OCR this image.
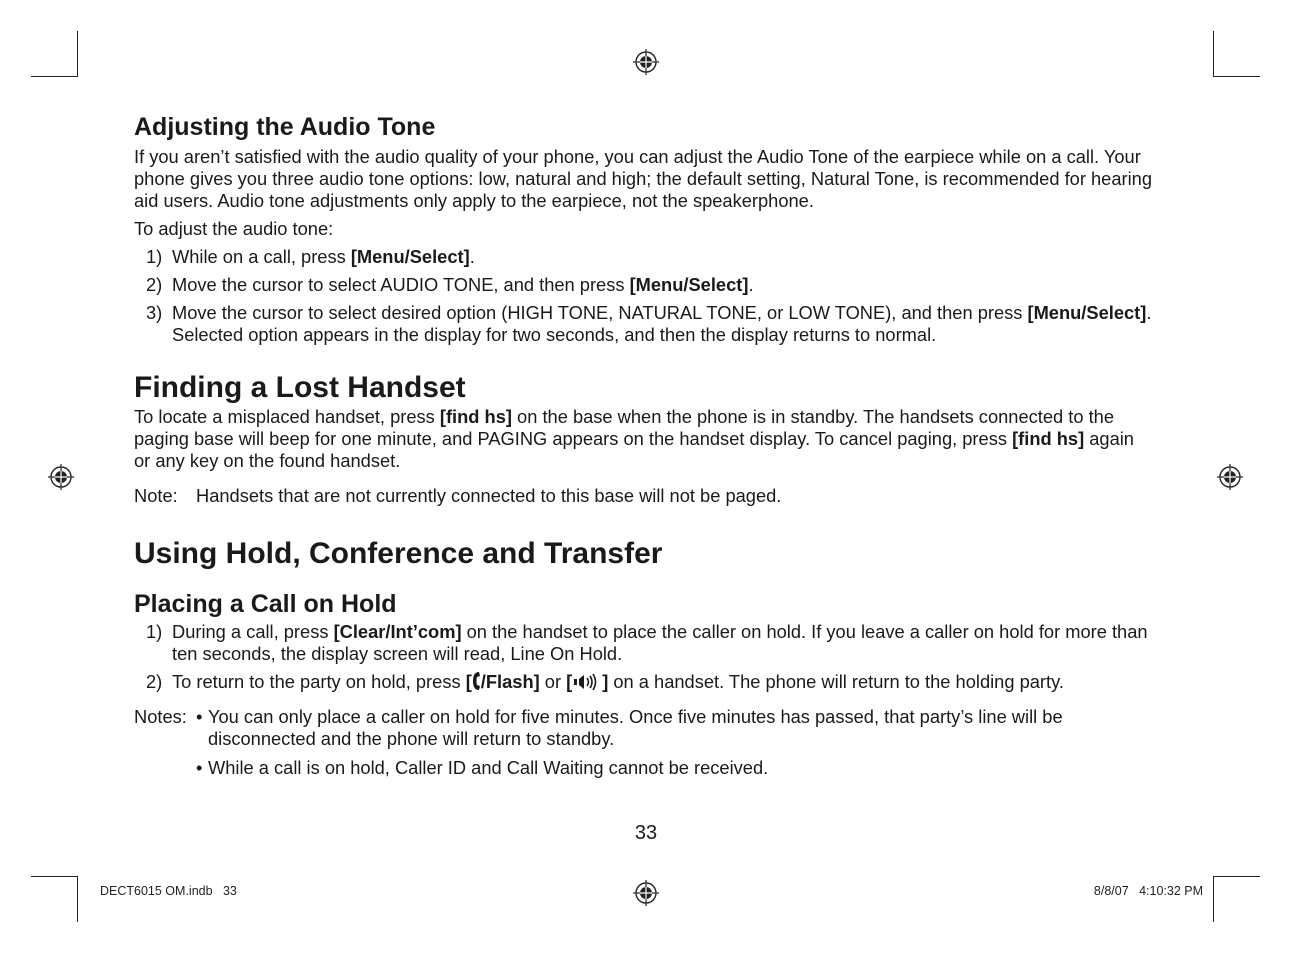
Adjusting the Audio Tone

If you aren’t satisfied with the audio quality of your phone, you can adjust the Audio Tone of the earpiece while on a call. Your phone gives you three audio tone options: low, natural and high; the default setting, Natural Tone, is recommended for hearing aid users. Audio tone adjustments only apply to the earpiece, not the speakerphone.

To adjust the audio tone:

1) While on a call, press [Menu/Select].
2) Move the cursor to select AUDIO TONE, and then press [Menu/Select].
3) Move the cursor to select desired option (HIGH TONE, NATURAL TONE, or LOW TONE), and then press [Menu/Select]. Selected option appears in the display for two seconds, and then the display returns to normal.
Finding a Lost Handset

To locate a misplaced handset, press [find hs] on the base when the phone is in standby. The handsets connected to the paging base will beep for one minute, and PAGING appears on the handset display. To cancel paging, press [find hs] again or any key on the found handset.

Note: Handsets that are not currently connected to this base will not be paged.
Using Hold, Conference and Transfer
Placing a Call on Hold
1) During a call, press [Clear/Int’com] on the handset to place the caller on hold. If you leave a caller on hold for more than ten seconds, the display screen will read, Line On Hold.
2) To return to the party on hold, press [ /Flash] or [ ] on a handset. The phone will return to the holding party.
Notes: • You can only place a caller on hold for five minutes. Once five minutes has passed, that party’s line will be disconnected and the phone will return to standby.
• While a call is on hold, Caller ID and Call Waiting cannot be received.
33
DECT6015 OM.indb   33	8/8/07   4:10:32 PM
